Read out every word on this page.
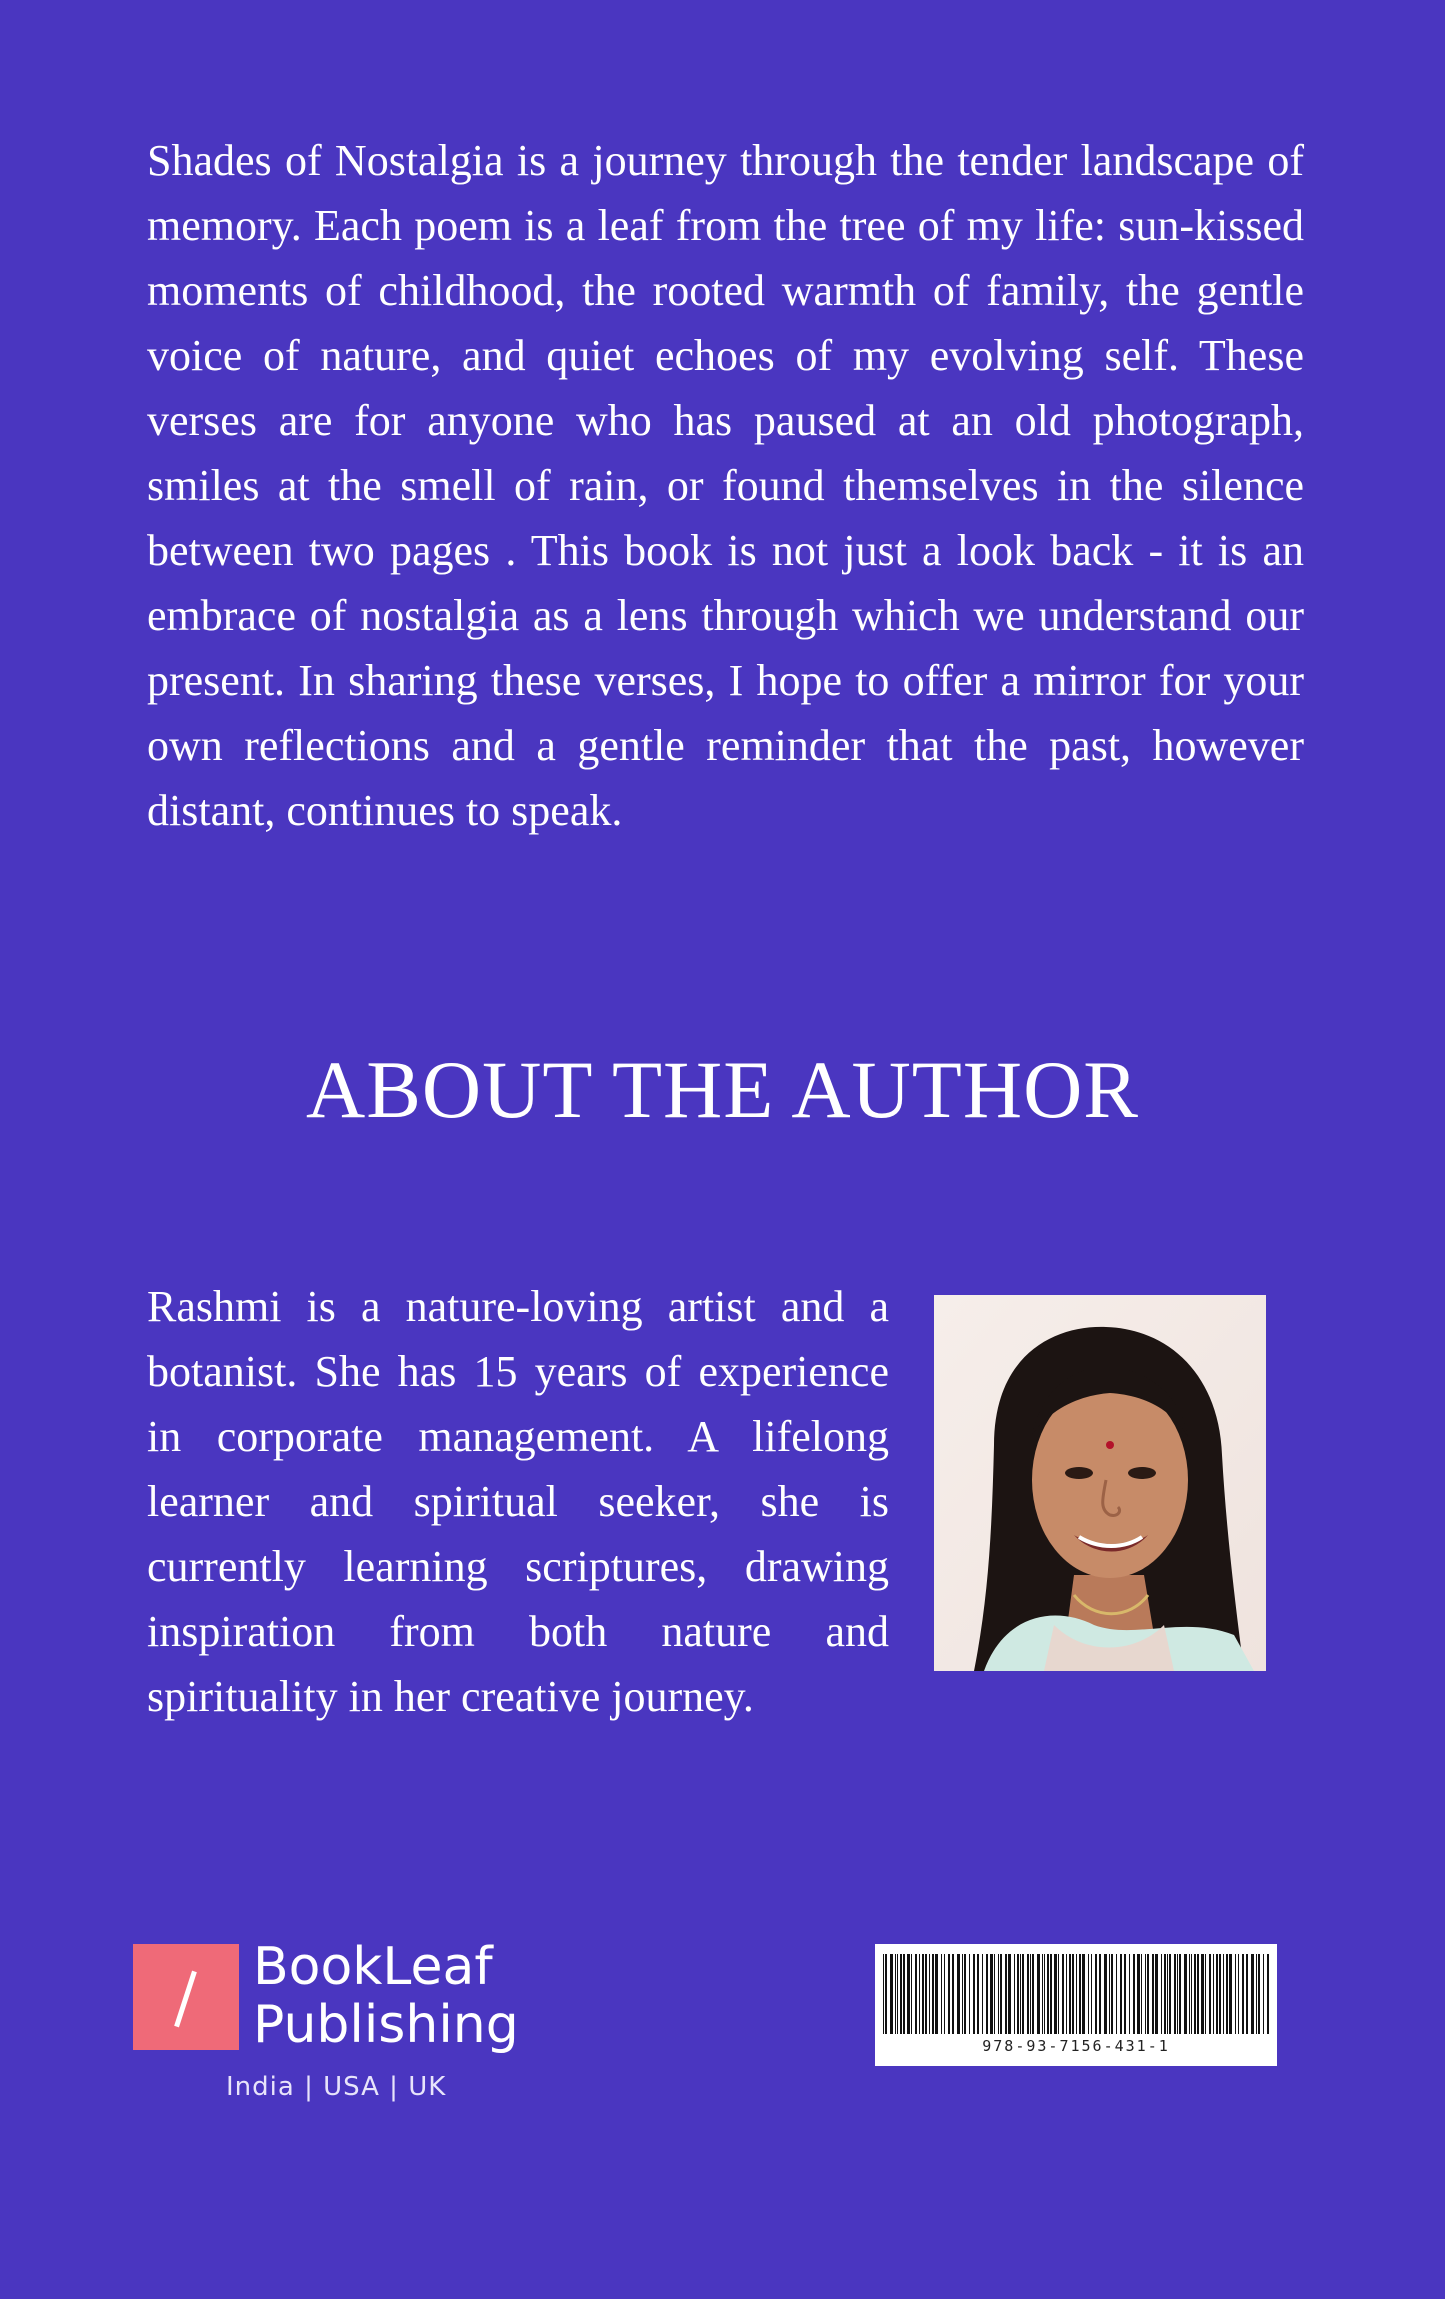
Shades of Nostalgia is a journey through the tender landscape of memory. Each poem is a leaf from the tree of my life: sun-kissed moments of childhood, the rooted warmth of family, the gentle voice of nature, and quiet echoes of my evolving self. These verses are for anyone who has paused at an old photograph, smiles at the smell of rain, or found themselves in the silence between two pages . This book is not just a look back - it is an embrace of nostalgia as a lens through which we understand our present. In sharing these verses, I hope to offer a mirror for your own reflections and a gentle reminder that the past, however distant, continues to speak.

ABOUT THE AUTHOR

Rashmi is a nature-loving artist and a botanist. She has 15 years of experience in corporate management. A lifelong learner and spiritual seeker, she is currently learning scriptures, drawing inspiration from both nature and spirituality in her creative journey.

BookLeaf
Publishing
India | USA | UK
978-93-7156-431-1
